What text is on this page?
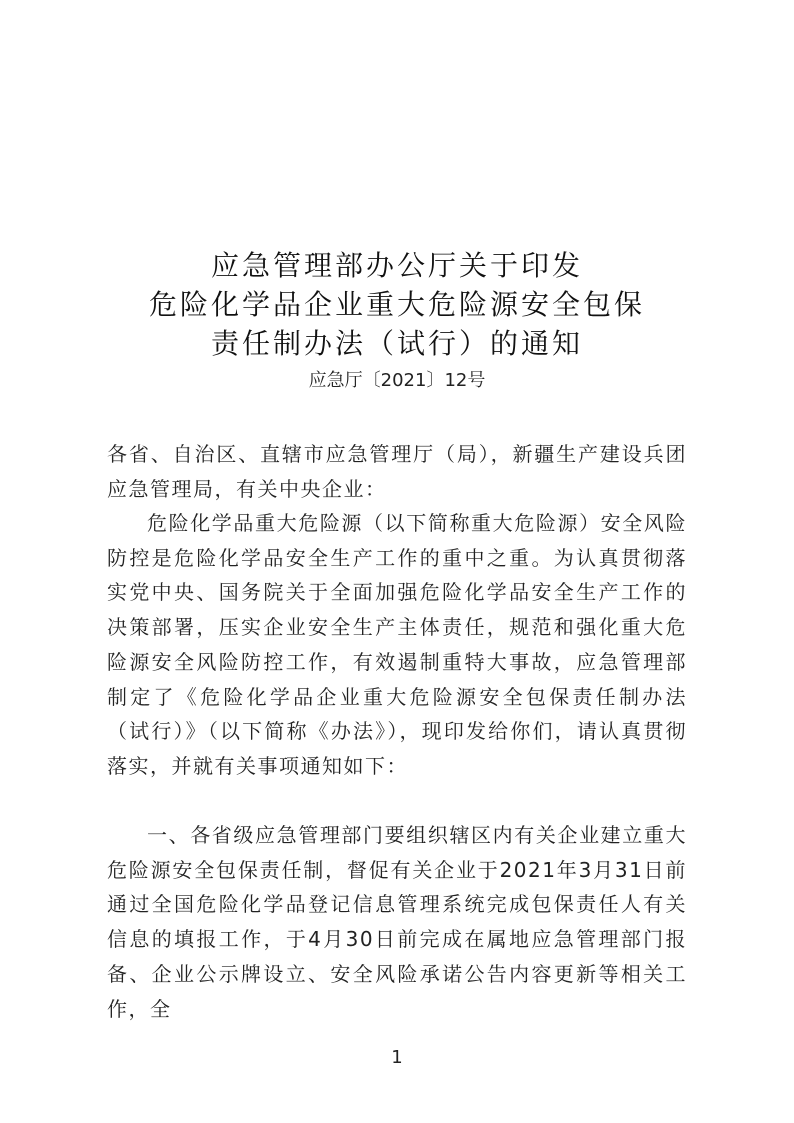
应急管理部办公厅关于印发
危险化学品企业重大危险源安全包保
责任制办法（试行）的通知
应急厅〔2021〕12号

各省、自治区、直辖市应急管理厅（局），新疆生产建设兵团应急管理局，有关中央企业：

危险化学品重大危险源（以下简称重大危险源）安全风险防控是危险化学品安全生产工作的重中之重。为认真贯彻落实党中央、国务院关于全面加强危险化学品安全生产工作的决策部署，压实企业安全生产主体责任，规范和强化重大危险源安全风险防控工作，有效遏制重特大事故，应急管理部制定了《危险化学品企业重大危险源安全包保责任制办法（试行）》（以下简称《办法》），现印发给你们，请认真贯彻落实，并就有关事项通知如下：

一、各省级应急管理部门要组织辖区内有关企业建立重大危险源安全包保责任制，督促有关企业于2021年3月31日前通过全国危险化学品登记信息管理系统完成包保责任人有关信息的填报工作，于4月30日前完成在属地应急管理部门报备、企业公示牌设立、安全风险承诺公告内容更新等相关工作，全

1
